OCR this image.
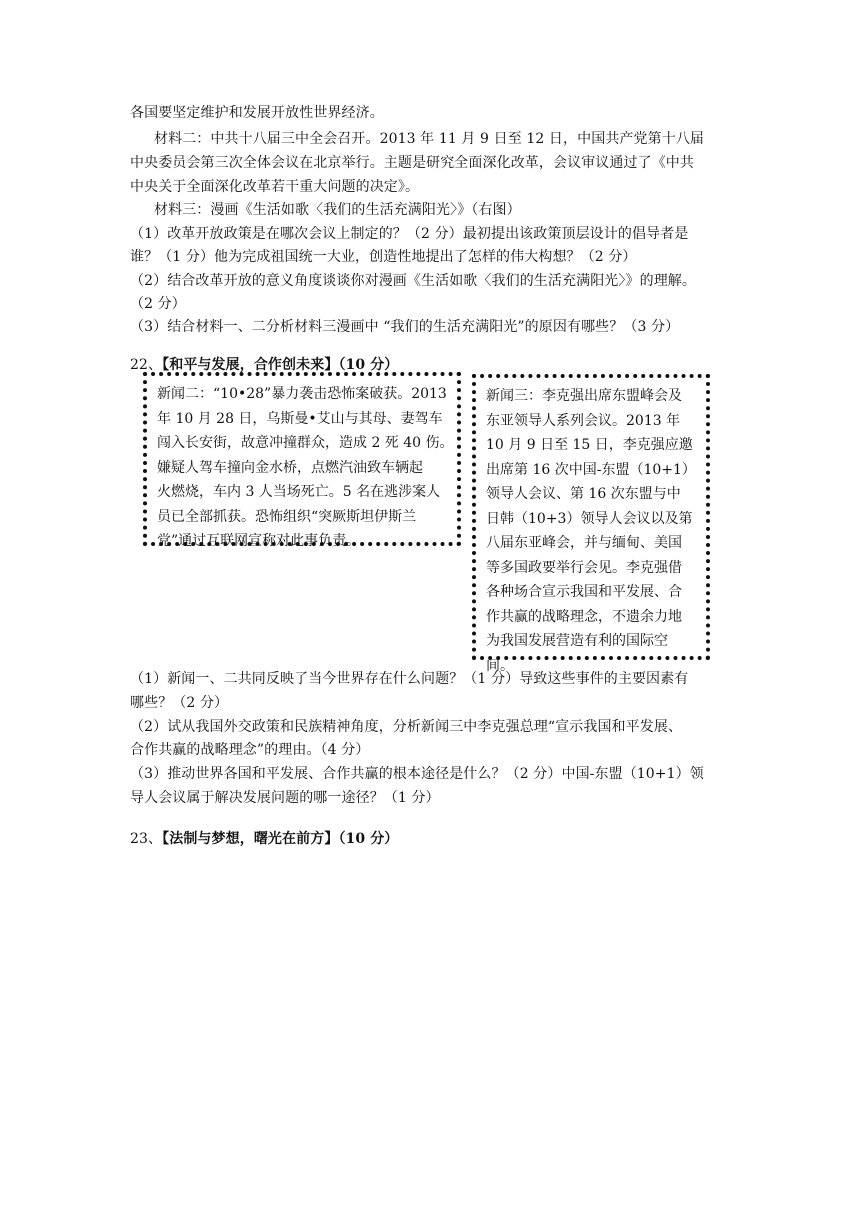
各国要坚定维护和发展开放性世界经济。
材料二：中共十八届三中全会召开。2013 年 11 月 9 日至 12 日，中国共产党第十八届
中央委员会第三次全体会议在北京举行。主题是研究全面深化改革，会议审议通过了《中共
中央关于全面深化改革若干重大问题的决定》。
材料三：漫画《生活如歌〈我们的生活充满阳光〉》（右图）
（1）改革开放政策是在哪次会议上制定的？（2 分）最初提出该政策顶层设计的倡导者是
谁？（1 分）他为完成祖国统一大业，创造性地提出了怎样的伟大构想？（2 分）
（2）结合改革开放的意义角度谈谈你对漫画《生活如歌〈我们的生活充满阳光〉》的理解。
（2 分）
（3）结合材料一、二分析材料三漫画中 “我们的生活充满阳光”的原因有哪些？（3 分）
22、【和平与发展，合作创未来】（10 分）
新闻二：“10•28”暴力袭击恐怖案破获。2013
年 10 月 28 日，乌斯曼•艾山与其母、妻驾车
闯入长安街，故意冲撞群众，造成 2 死 40 伤。
嫌疑人驾车撞向金水桥，点燃汽油致车辆起
火燃烧，车内 3 人当场死亡。5 名在逃涉案人
员已全部抓获。恐怖组织“突厥斯坦伊斯兰
党”通过互联网宣称对此事负责。
新闻三：李克强出席东盟峰会及
东亚领导人系列会议。2013 年
10 月 9 日至 15 日，李克强应邀
出席第 16 次中国-东盟（10+1）
领导人会议、第 16 次东盟与中
日韩（10+3）领导人会议以及第
八届东亚峰会，并与缅甸、美国
等多国政要举行会见。李克强借
各种场合宣示我国和平发展、合
作共赢的战略理念，不遗余力地
为我国发展营造有利的国际空
间。
（1）新闻一、二共同反映了当今世界存在什么问题？（1 分）导致这些事件的主要因素有
哪些？（2 分）
（2）试从我国外交政策和民族精神角度，分析新闻三中李克强总理“宣示我国和平发展、
合作共赢的战略理念”的理由。（4 分）
（3）推动世界各国和平发展、合作共赢的根本途径是什么？（2 分）中国-东盟（10+1）领
导人会议属于解决发展问题的哪一途径？（1 分）
23、【法制与梦想，曙光在前方】（10 分）
